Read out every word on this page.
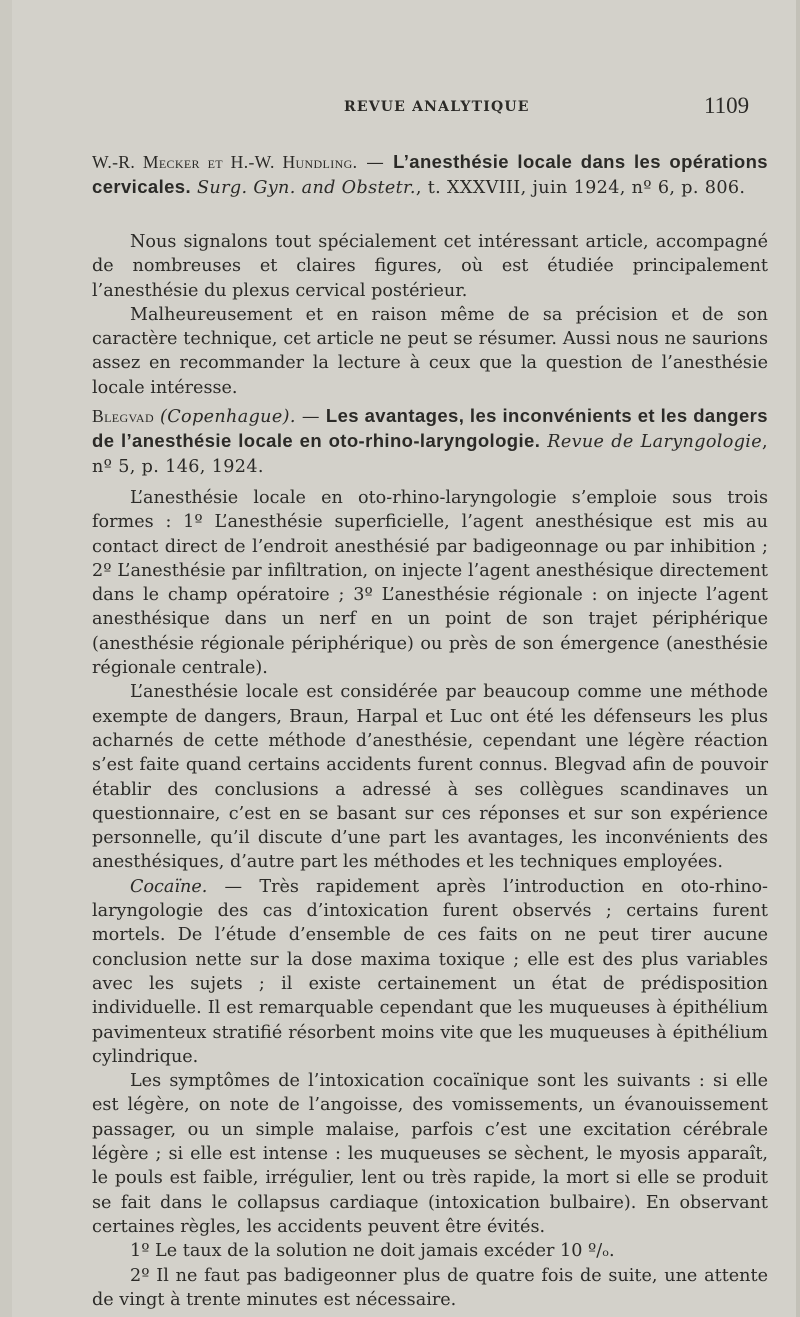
REVUE ANALYTIQUE	1109

W.-R. Mecker et H.-W. Hundling. — L’anesthésie locale dans les opérations cervicales. Surg. Gyn. and Obstetr., t. XXXVIII, juin 1924, nº 6, p. 806.

Nous signalons tout spécialement cet intéressant article, accompagné de nombreuses et claires figures, où est étudiée principalement l’anesthésie du plexus cervical postérieur.

Malheureusement et en raison même de sa précision et de son caractère technique, cet article ne peut se résumer. Aussi nous ne saurions assez en recommander la lecture à ceux que la question de l’anesthésie locale intéresse.

Blegvad (Copenhague). — Les avantages, les inconvénients et les dangers de l’anesthésie locale en oto-rhino-laryngologie. Revue de Laryngologie, nº 5, p. 146, 1924.

L’anesthésie locale en oto-rhino-laryngologie s’emploie sous trois formes : 1º L’anesthésie superficielle, l’agent anesthésique est mis au contact direct de l’endroit anesthésié par badigeonnage ou par inhibition ; 2º L’anesthésie par infiltration, on injecte l’agent anesthésique directement dans le champ opératoire ; 3º L’anesthésie régionale : on injecte l’agent anesthésique dans un nerf en un point de son trajet périphérique (anesthésie régionale périphérique) ou près de son émergence (anesthésie régionale centrale).

L’anesthésie locale est considérée par beaucoup comme une méthode exempte de dangers, Braun, Harpal et Luc ont été les défenseurs les plus acharnés de cette méthode d’anesthésie, cependant une légère réaction s’est faite quand certains accidents furent connus. Blegvad afin de pouvoir établir des conclusions a adressé à ses collègues scandinaves un questionnaire, c’est en se basant sur ces réponses et sur son expérience personnelle, qu’il discute d’une part les avantages, les inconvénients des anesthésiques, d’autre part les méthodes et les techniques employées.

Cocaïne. — Très rapidement après l’introduction en oto-rhino-laryngologie des cas d’intoxication furent observés ; certains furent mortels. De l’étude d’ensemble de ces faits on ne peut tirer aucune conclusion nette sur la dose maxima toxique ; elle est des plus variables avec les sujets ; il existe certainement un état de prédisposition individuelle. Il est remarquable cependant que les muqueuses à épithélium pavimenteux stratifié résorbent moins vite que les muqueuses à épithélium cylindrique.

Les symptômes de l’intoxication cocaïnique sont les suivants : si elle est légère, on note de l’angoisse, des vomissements, un évanouissement passager, ou un simple malaise, parfois c’est une excitation cérébrale légère ; si elle est intense : les muqueuses se sèchent, le myosis apparaît, le pouls est faible, irrégulier, lent ou très rapide, la mort si elle se produit se fait dans le collapsus cardiaque (intoxication bulbaire). En observant certaines règles, les accidents peuvent être évités.

1º Le taux de la solution ne doit jamais excéder 10 º/ₒ.

2º Il ne faut pas badigeonner plus de quatre fois de suite, une attente de vingt à trente minutes est nécessaire.
